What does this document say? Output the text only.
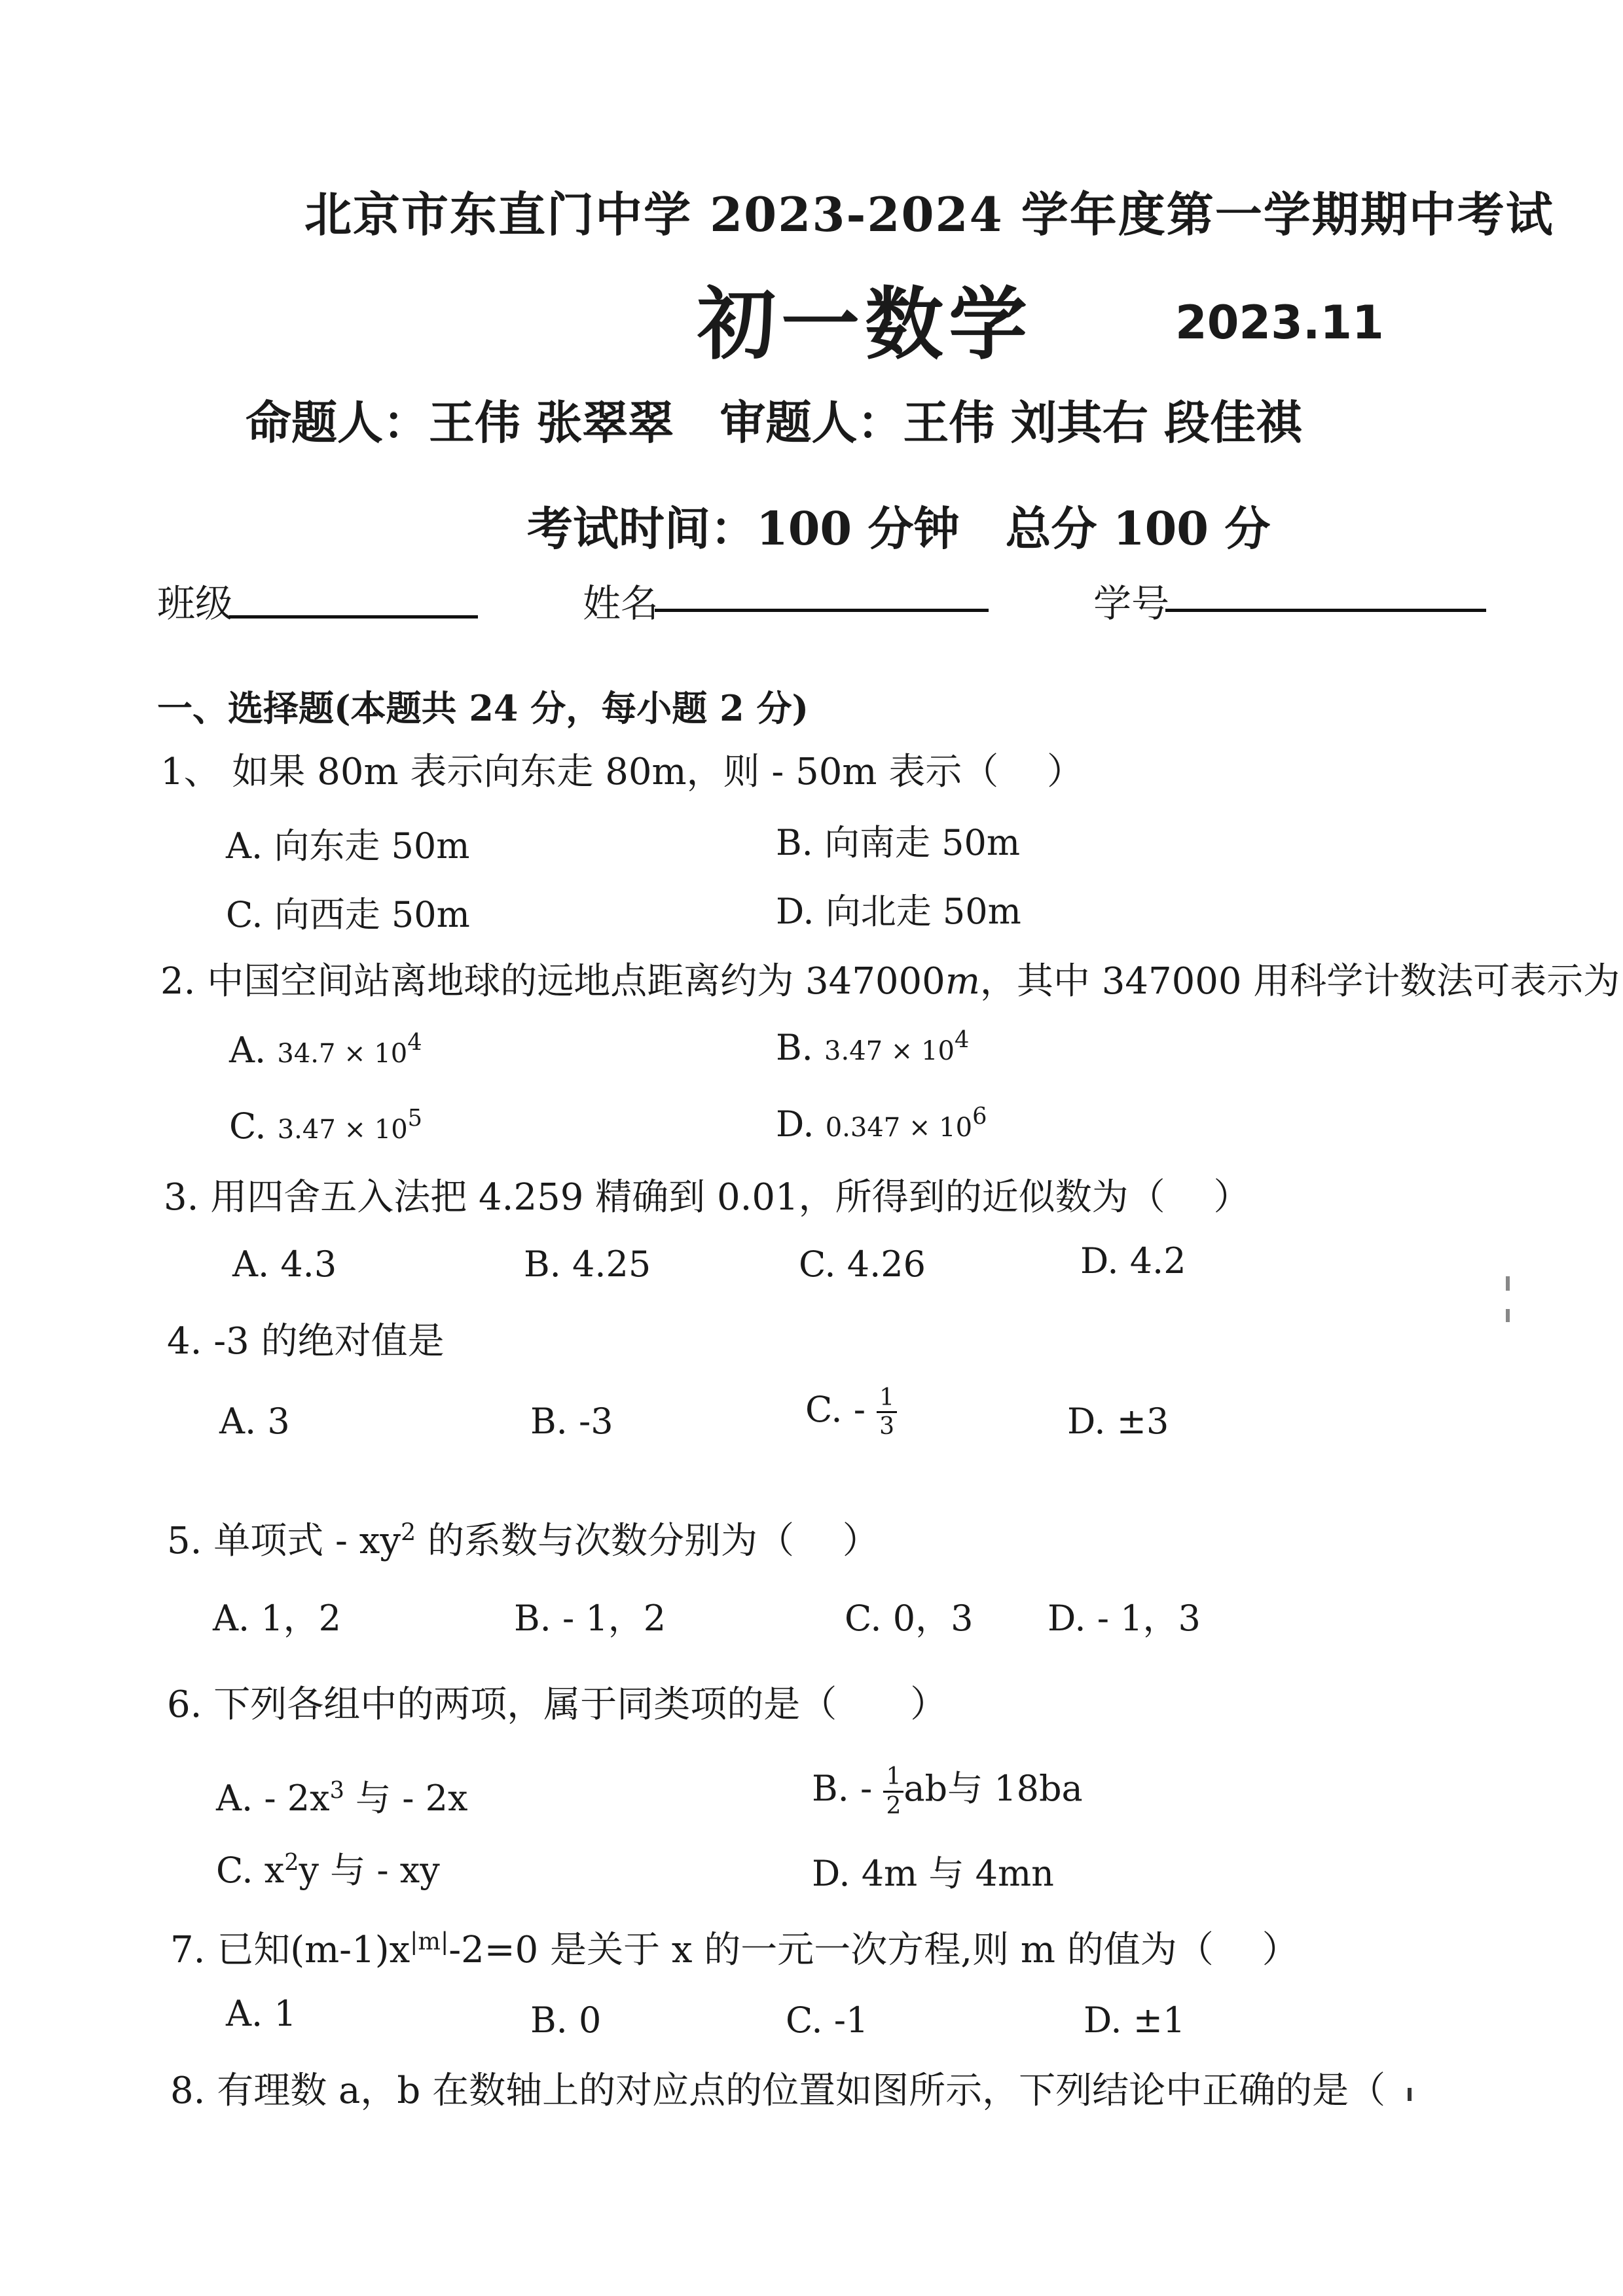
北京市东直门中学 2023-2024 学年度第一学期期中考试
初一数学	2023.11
命题人：王伟 张翠翠　审题人：王伟 刘其右 段佳祺
考试时间：100 分钟　总分 100 分
班级	姓名	学号
一、选择题(本题共 24 分，每小题 2 分)
1、 如果 80m 表示向东走 80m，则 - 50m 表示（　 ）
A. 向东走 50m	B. 向南走 50m
C. 向西走 50m	D. 向北走 50m
2. 中国空间站离地球的远地点距离约为 347000m，其中 347000 用科学计数法可表示为
A. $34.7 \times 10^4$	B. $3.47 \times 10^4$
C. $3.47 \times 10^5$	D. $0.347 \times 10^6$
3. 用四舍五入法把 4.259 精确到 0.01，所得到的近似数为（　 ）
A. 4.3	B. 4.25	C. 4.26	D. 4.2
4. -3 的绝对值是
A. 3	B. -3	C. - $\frac{1}{3}$	D. ±3
5. 单项式 - $xy^2$ 的系数与次数分别为（　 ）
A. 1，2	B. - 1，2	C. 0，3 D. - 1，3
6. 下列各组中的两项，属于同类项的是（　　）
A. - $2x^3$ 与 - 2x	B. - $\frac{1}{2}$ ab与 18ba
C. $x^2y$ 与 - xy	D. 4m 与 4mn
7. 已知$(m-1)x^{|m|}-2=0$ 是关于 x 的一元一次方程,则 m 的值为（　 ）
A. 1	B. 0	C. -1	D. ±1
8. 有理数 a，b 在数轴上的对应点的位置如图所示，下列结论中正确的是（
